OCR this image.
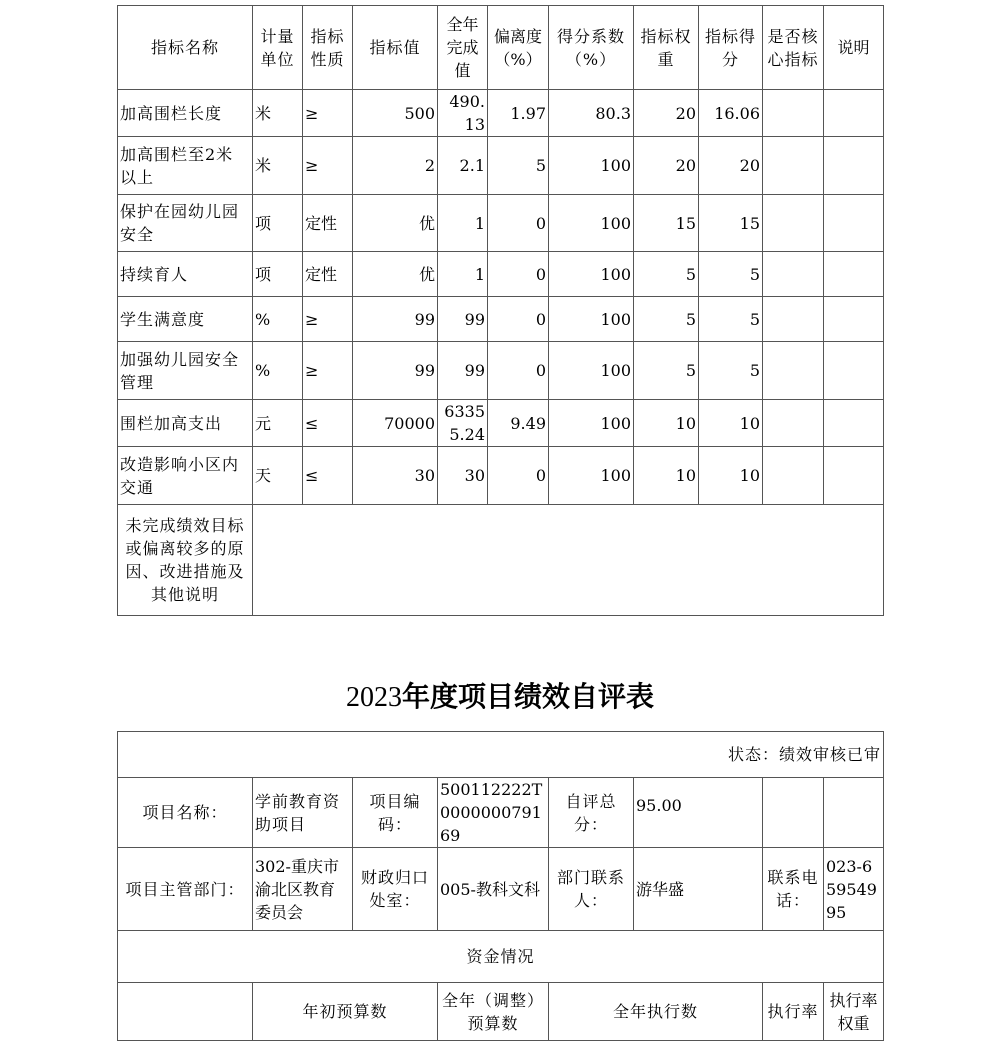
指标名称	计量单位	指标性质	指标值	全年完成值	偏离度（%）	得分系数（%）	指标权重	指标得分	是否核心指标	说明
加高围栏长度	米	≥	500	490.13	1.97	80.3	20	16.06		
加高围栏至2米以上	米	≥	2	2.1	5	100	20	20		
保护在园幼儿园安全	项	定性	优	1	0	100	15	15		
持续育人	项	定性	优	1	0	100	5	5		
学生满意度	%	≥	99	99	0	100	5	5		
加强幼儿园安全管理	%	≥	99	99	0	100	5	5		
围栏加高支出	元	≤	70000	63355.24	9.49	100	10	10		
改造影响小区内交通	天	≤	30	30	0	100	10	10		
未完成绩效目标或偏离较多的原因、改进措施及其他说明										
2023年度项目绩效自评表
状态：绩效审核已审							
项目名称：	学前教育资助项目	项目编码：	500112222T000000079169	自评总分：	95.00		
项目主管部门：	302-重庆市渝北区教育委员会	财政归口处室：	005-教科文科	部门联系人：	游华盛	联系电话：	023-65954995
资金情况							
	年初预算数		全年（调整）预算数	全年执行数		执行率	执行率权重
